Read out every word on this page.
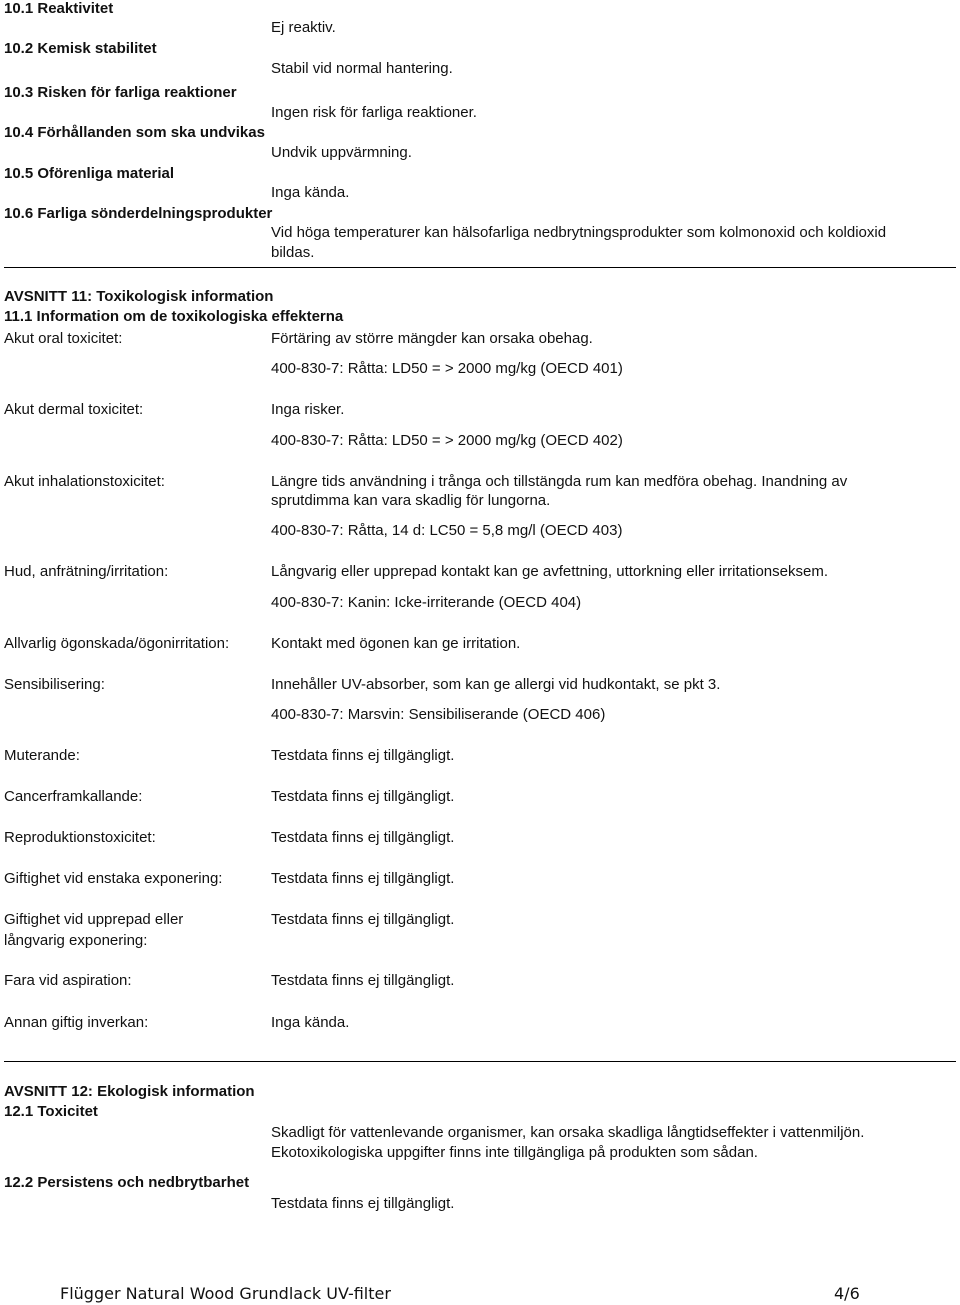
10.1 Reaktivitet
Ej reaktiv.
10.2 Kemisk stabilitet
Stabil vid normal hantering.
10.3 Risken för farliga reaktioner
Ingen risk för farliga reaktioner.
10.4 Förhållanden som ska undvikas
Undvik uppvärmning.
10.5 Oförenliga material
Inga kända.
10.6 Farliga sönderdelningsprodukter
Vid höga temperaturer kan hälsofarliga nedbrytningsprodukter som kolmonoxid och koldioxid
bildas.
AVSNITT 11: Toxikologisk information
11.1 Information om de toxikologiska effekterna
Akut oral toxicitet:	Förtäring av större mängder kan orsaka obehag.
400-830-7: Råtta: LD50 = > 2000 mg/kg (OECD 401)
Akut dermal toxicitet:	Inga risker.
400-830-7: Råtta: LD50 = > 2000 mg/kg (OECD 402)
Akut inhalationstoxicitet:	Längre tids användning i trånga och tillstängda rum kan medföra obehag. Inandning av
sprutdimma kan vara skadlig för lungorna.
400-830-7: Råtta, 14 d: LC50 = 5,8 mg/l (OECD 403)
Hud, anfrätning/irritation:	Långvarig eller upprepad kontakt kan ge avfettning, uttorkning eller irritationseksem.
400-830-7: Kanin: Icke-irriterande (OECD 404)
Allvarlig ögonskada/ögonirritation:	Kontakt med ögonen kan ge irritation.
Sensibilisering:	Innehåller UV-absorber, som kan ge allergi vid hudkontakt, se pkt 3.
400-830-7: Marsvin: Sensibiliserande (OECD 406)
Muterande:	Testdata finns ej tillgängligt.
Cancerframkallande:	Testdata finns ej tillgängligt.
Reproduktionstoxicitet:	Testdata finns ej tillgängligt.
Giftighet vid enstaka exponering:	Testdata finns ej tillgängligt.
Giftighet vid upprepad eller
långvarig exponering:
Testdata finns ej tillgängligt.
Fara vid aspiration:	Testdata finns ej tillgängligt.
Annan giftig inverkan:	Inga kända.
AVSNITT 12: Ekologisk information
12.1 Toxicitet
Skadligt för vattenlevande organismer, kan orsaka skadliga långtidseffekter i vattenmiljön.
Ekotoxikologiska uppgifter finns inte tillgängliga på produkten som sådan.
12.2 Persistens och nedbrytbarhet
Testdata finns ej tillgängligt.
Flügger Natural Wood Grundlack UV-filter	4/6
